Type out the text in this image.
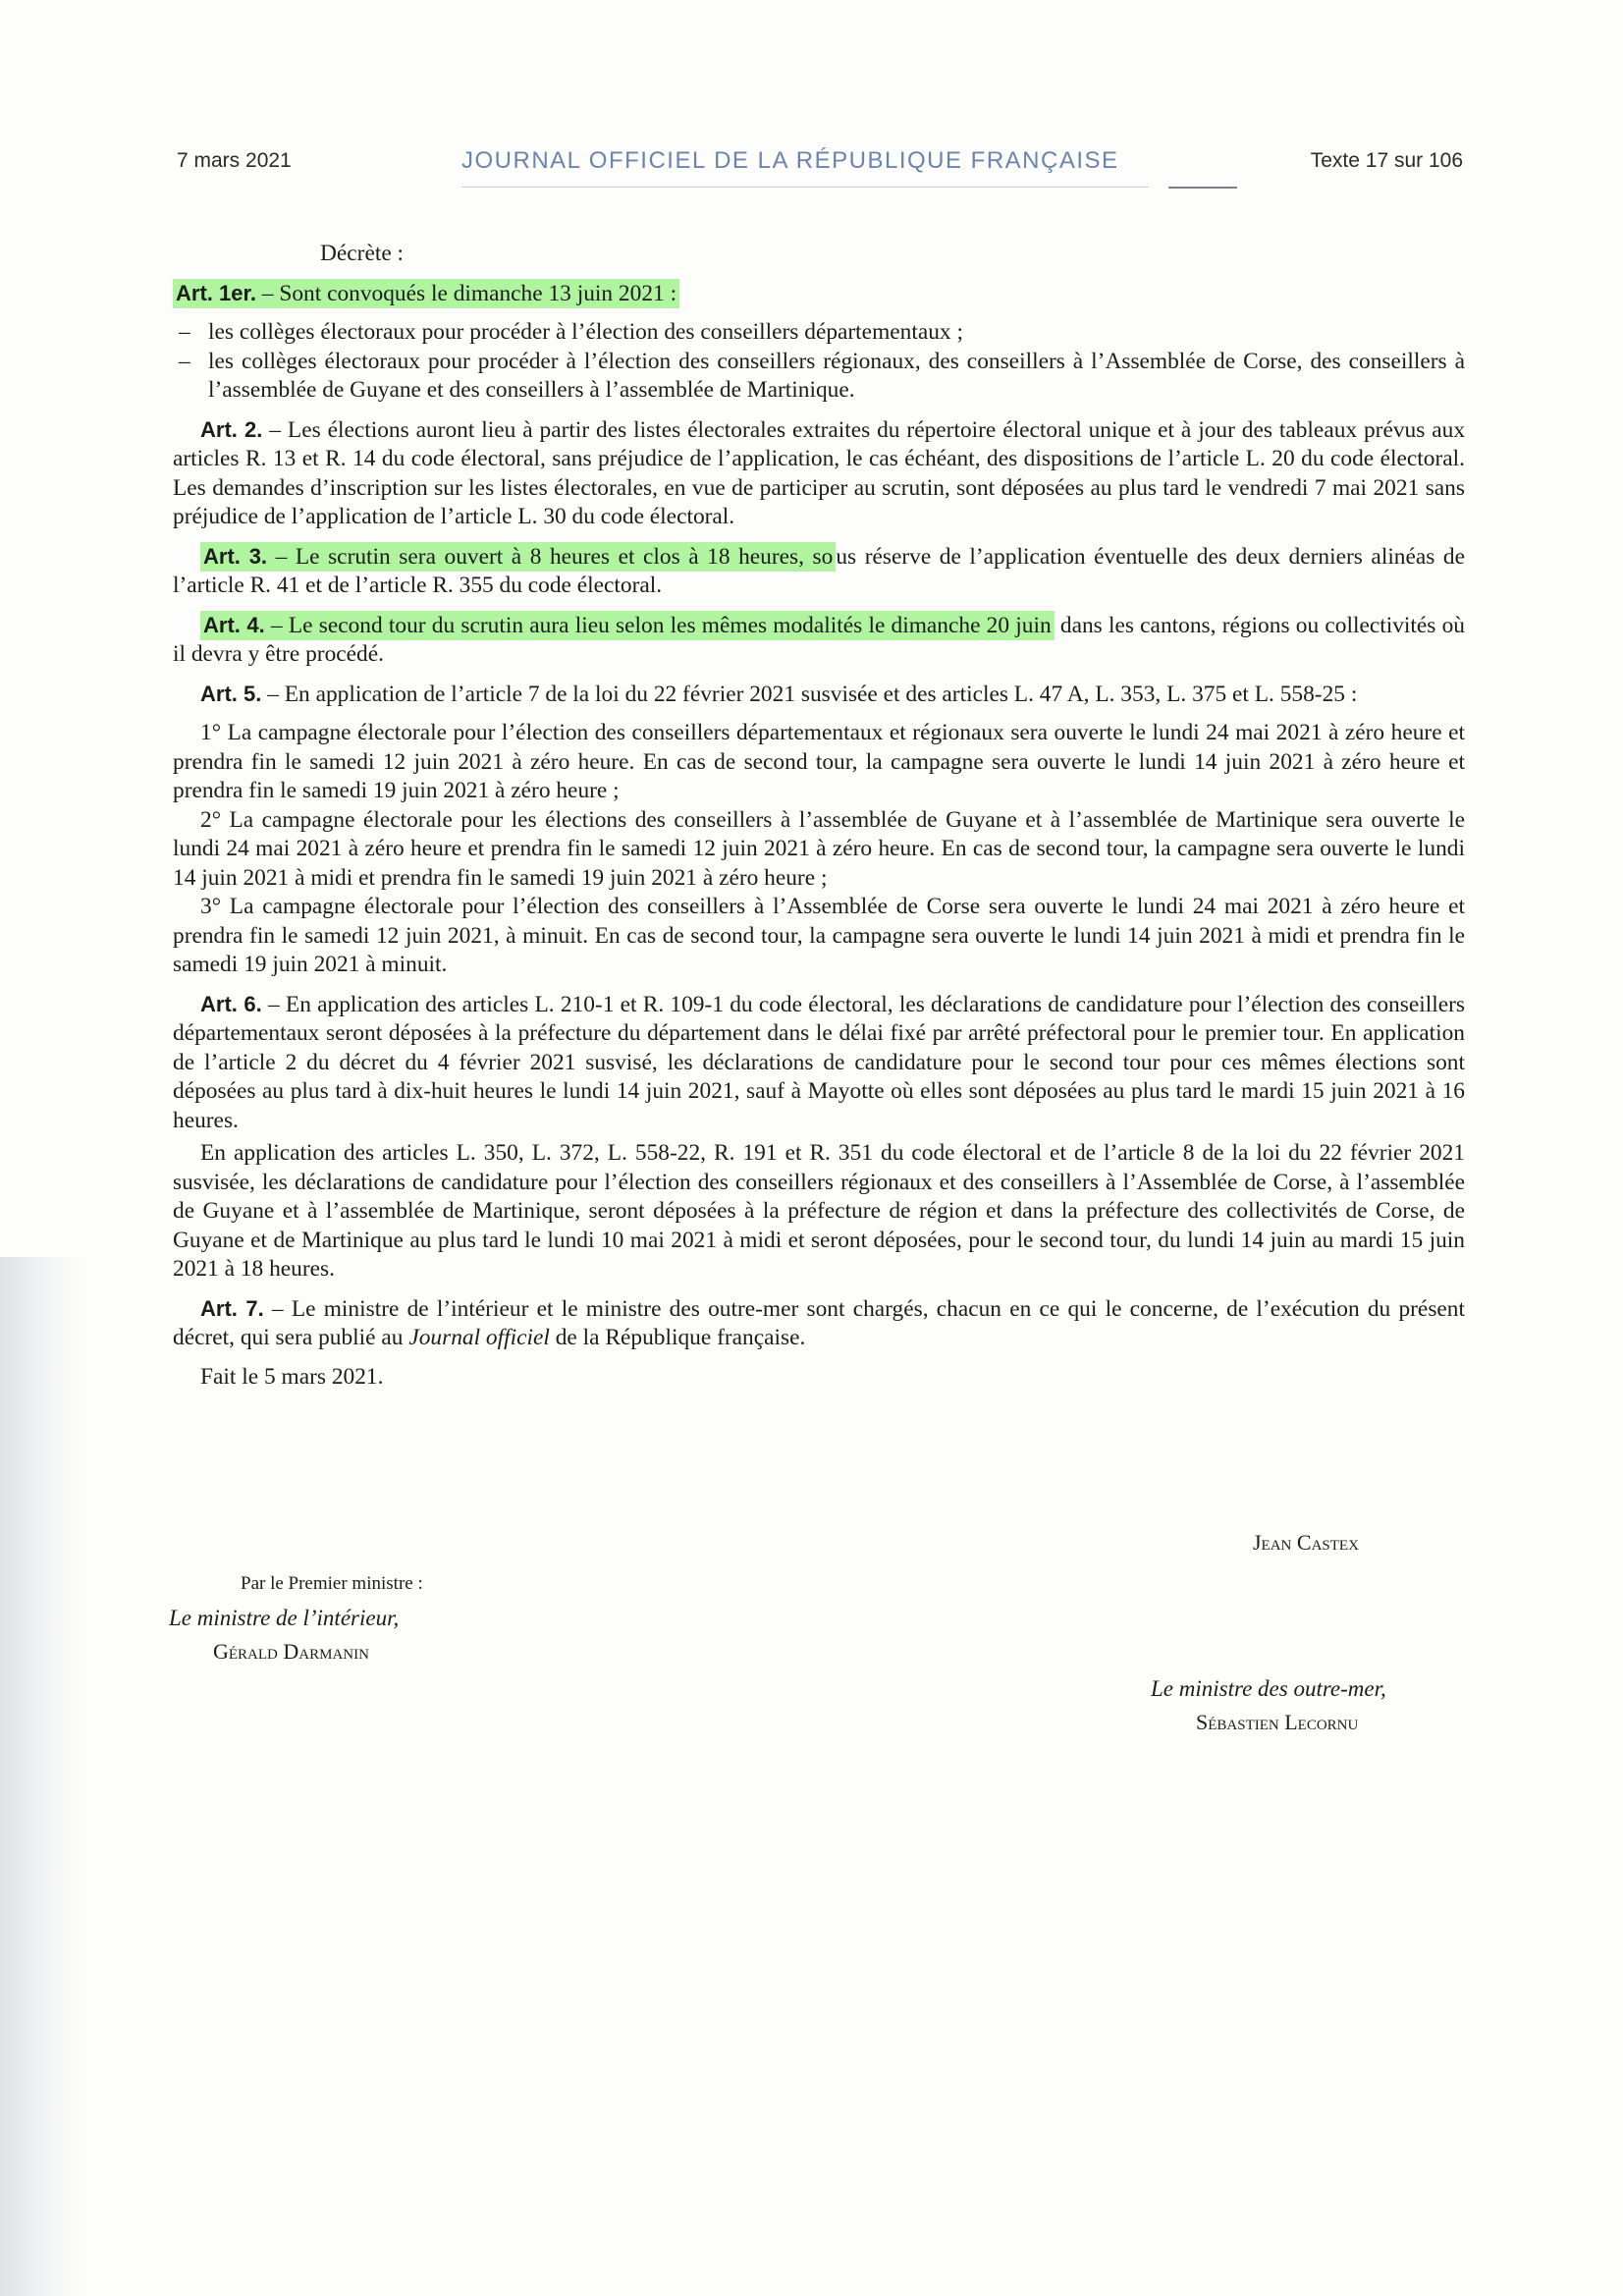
7 mars 2021	JOURNAL OFFICIEL DE LA RÉPUBLIQUE FRANÇAISE	Texte 17 sur 106

Décrète :

Art. 1er. – Sont convoqués le dimanche 13 juin 2021 :

– les collèges électoraux pour procéder à l’élection des conseillers départementaux ;
– les collèges électoraux pour procéder à l’élection des conseillers régionaux, des conseillers à l’Assemblée de Corse, des conseillers à l’assemblée de Guyane et des conseillers à l’assemblée de Martinique.

Art. 2. – Les élections auront lieu à partir des listes électorales extraites du répertoire électoral unique et à jour des tableaux prévus aux articles R. 13 et R. 14 du code électoral, sans préjudice de l’application, le cas échéant, des dispositions de l’article L. 20 du code électoral. Les demandes d’inscription sur les listes électorales, en vue de participer au scrutin, sont déposées au plus tard le vendredi 7 mai 2021 sans préjudice de l’application de l’article L. 30 du code électoral.

Art. 3. – Le scrutin sera ouvert à 8 heures et clos à 18 heures, so us réserve de l’application éventuelle des deux derniers alinéas de l’article R. 41 et de l’article R. 355 du code électoral.

Art. 4. – Le second tour du scrutin aura lieu selon les mêmes modalités le dimanche 20 juin dans les cantons, régions ou collectivités où il devra y être procédé.

Art. 5. – En application de l’article 7 de la loi du 22 février 2021 susvisée et des articles L. 47 A, L. 353, L. 375 et L. 558-25 :

1° La campagne électorale pour l’élection des conseillers départementaux et régionaux sera ouverte le lundi 24 mai 2021 à zéro heure et prendra fin le samedi 12 juin 2021 à zéro heure. En cas de second tour, la campagne sera ouverte le lundi 14 juin 2021 à zéro heure et prendra fin le samedi 19 juin 2021 à zéro heure ;

2° La campagne électorale pour les élections des conseillers à l’assemblée de Guyane et à l’assemblée de Martinique sera ouverte le lundi 24 mai 2021 à zéro heure et prendra fin le samedi 12 juin 2021 à zéro heure. En cas de second tour, la campagne sera ouverte le lundi 14 juin 2021 à midi et prendra fin le samedi 19 juin 2021 à zéro heure ;

3° La campagne électorale pour l’élection des conseillers à l’Assemblée de Corse sera ouverte le lundi 24 mai 2021 à zéro heure et prendra fin le samedi 12 juin 2021, à minuit. En cas de second tour, la campagne sera ouverte le lundi 14 juin 2021 à midi et prendra fin le samedi 19 juin 2021 à minuit.

Art. 6. – En application des articles L. 210-1 et R. 109-1 du code électoral, les déclarations de candidature pour l’élection des conseillers départementaux seront déposées à la préfecture du département dans le délai fixé par arrêté préfectoral pour le premier tour. En application de l’article 2 du décret du 4 février 2021 susvisé, les déclarations de candidature pour le second tour pour ces mêmes élections sont déposées au plus tard à dix-huit heures le lundi 14 juin 2021, sauf à Mayotte où elles sont déposées au plus tard le mardi 15 juin 2021 à 16 heures.

En application des articles L. 350, L. 372, L. 558-22, R. 191 et R. 351 du code électoral et de l’article 8 de la loi du 22 février 2021 susvisée, les déclarations de candidature pour l’élection des conseillers régionaux et des conseillers à l’Assemblée de Corse, à l’assemblée de Guyane et à l’assemblée de Martinique, seront déposées à la préfecture de région et dans la préfecture des collectivités de Corse, de Guyane et de Martinique au plus tard le lundi 10 mai 2021 à midi et seront déposées, pour le second tour, du lundi 14 juin au mardi 15 juin 2021 à 18 heures.

Art. 7. – Le ministre de l’intérieur et le ministre des outre-mer sont chargés, chacun en ce qui le concerne, de l’exécution du présent décret, qui sera publié au Journal officiel de la République française.

Fait le 5 mars 2021.

Jean Castex
Par le Premier ministre :
Le ministre de l’intérieur,
Gérald Darmanin
Le ministre des outre-mer,
Sébastien Lecornu
